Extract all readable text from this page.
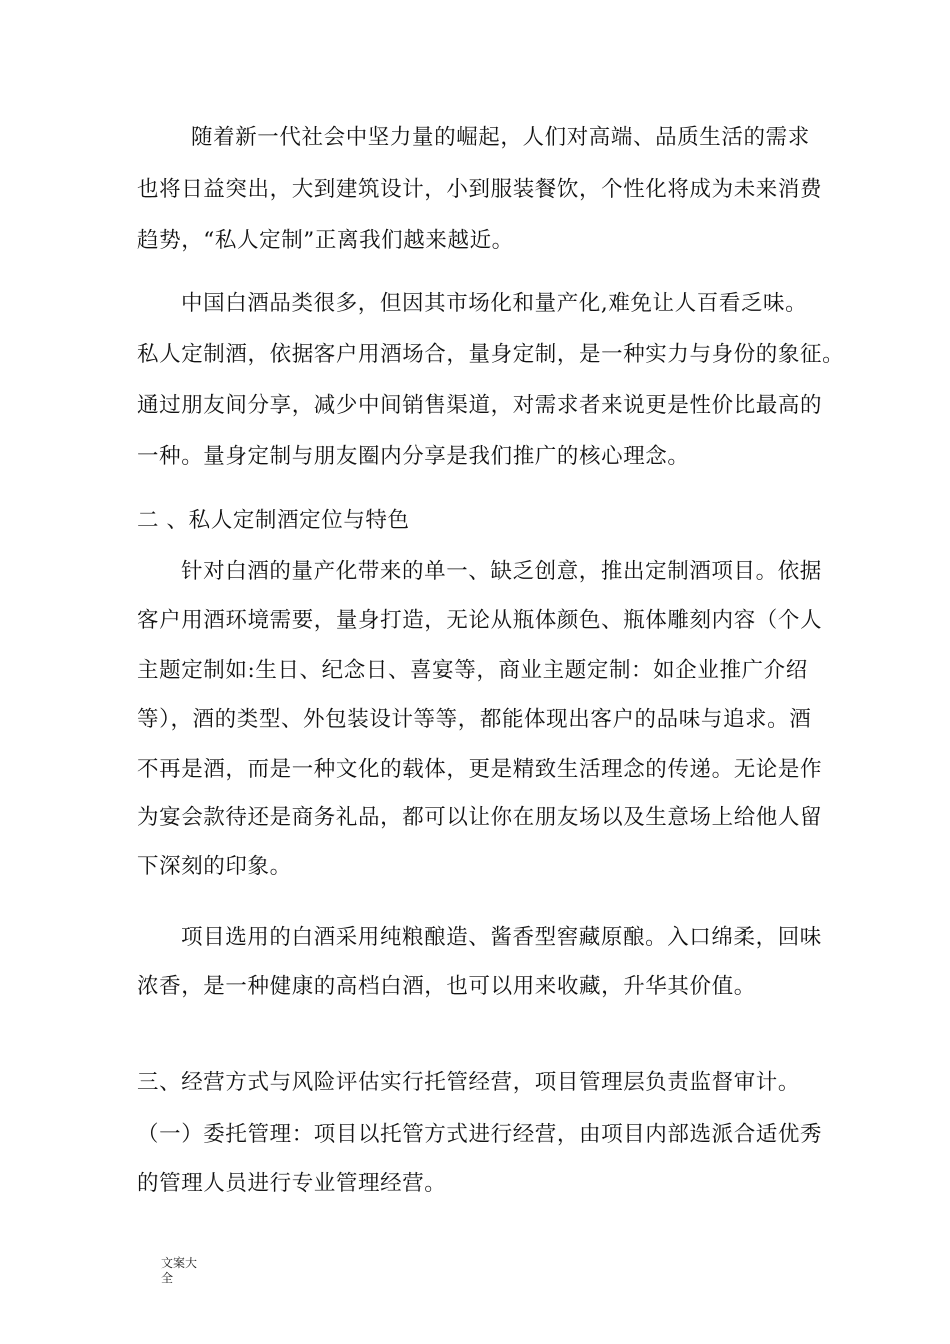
随着新一代社会中坚力量的崛起，人们对高端、品质生活的需求
也将日益突出，大到建筑设计，小到服装餐饮，个性化将成为未来消费
趋势，“私人定制”正离我们越来越近。
中国白酒品类很多，但因其市场化和量产化,难免让人百看乏味。
私人定制酒，依据客户用酒场合，量身定制，是一种实力与身份的象征。
通过朋友间分享，减少中间销售渠道，对需求者来说更是性价比最高的
一种。量身定制与朋友圈内分享是我们推广的核心理念。
二 、私人定制酒定位与特色
针对白酒的量产化带来的单一、缺乏创意，推出定制酒项目。依据
客户用酒环境需要，量身打造，无论从瓶体颜色、瓶体雕刻内容（个人
主题定制如:生日、纪念日、喜宴等，商业主题定制：如企业推广介绍
等），酒的类型、外包装设计等等，都能体现出客户的品味与追求。酒
不再是酒，而是一种文化的载体，更是精致生活理念的传递。无论是作
为宴会款待还是商务礼品，都可以让你在朋友场以及生意场上给他人留
下深刻的印象。
项目选用的白酒采用纯粮酿造、酱香型窖藏原酿。入口绵柔，回味
浓香，是一种健康的高档白酒，也可以用来收藏，升华其价值。
三、经营方式与风险评估实行托管经营，项目管理层负责监督审计。
（一）委托管理：项目以托管方式进行经营，由项目内部选派合适优秀
的管理人员进行专业管理经营。
文案大
全
